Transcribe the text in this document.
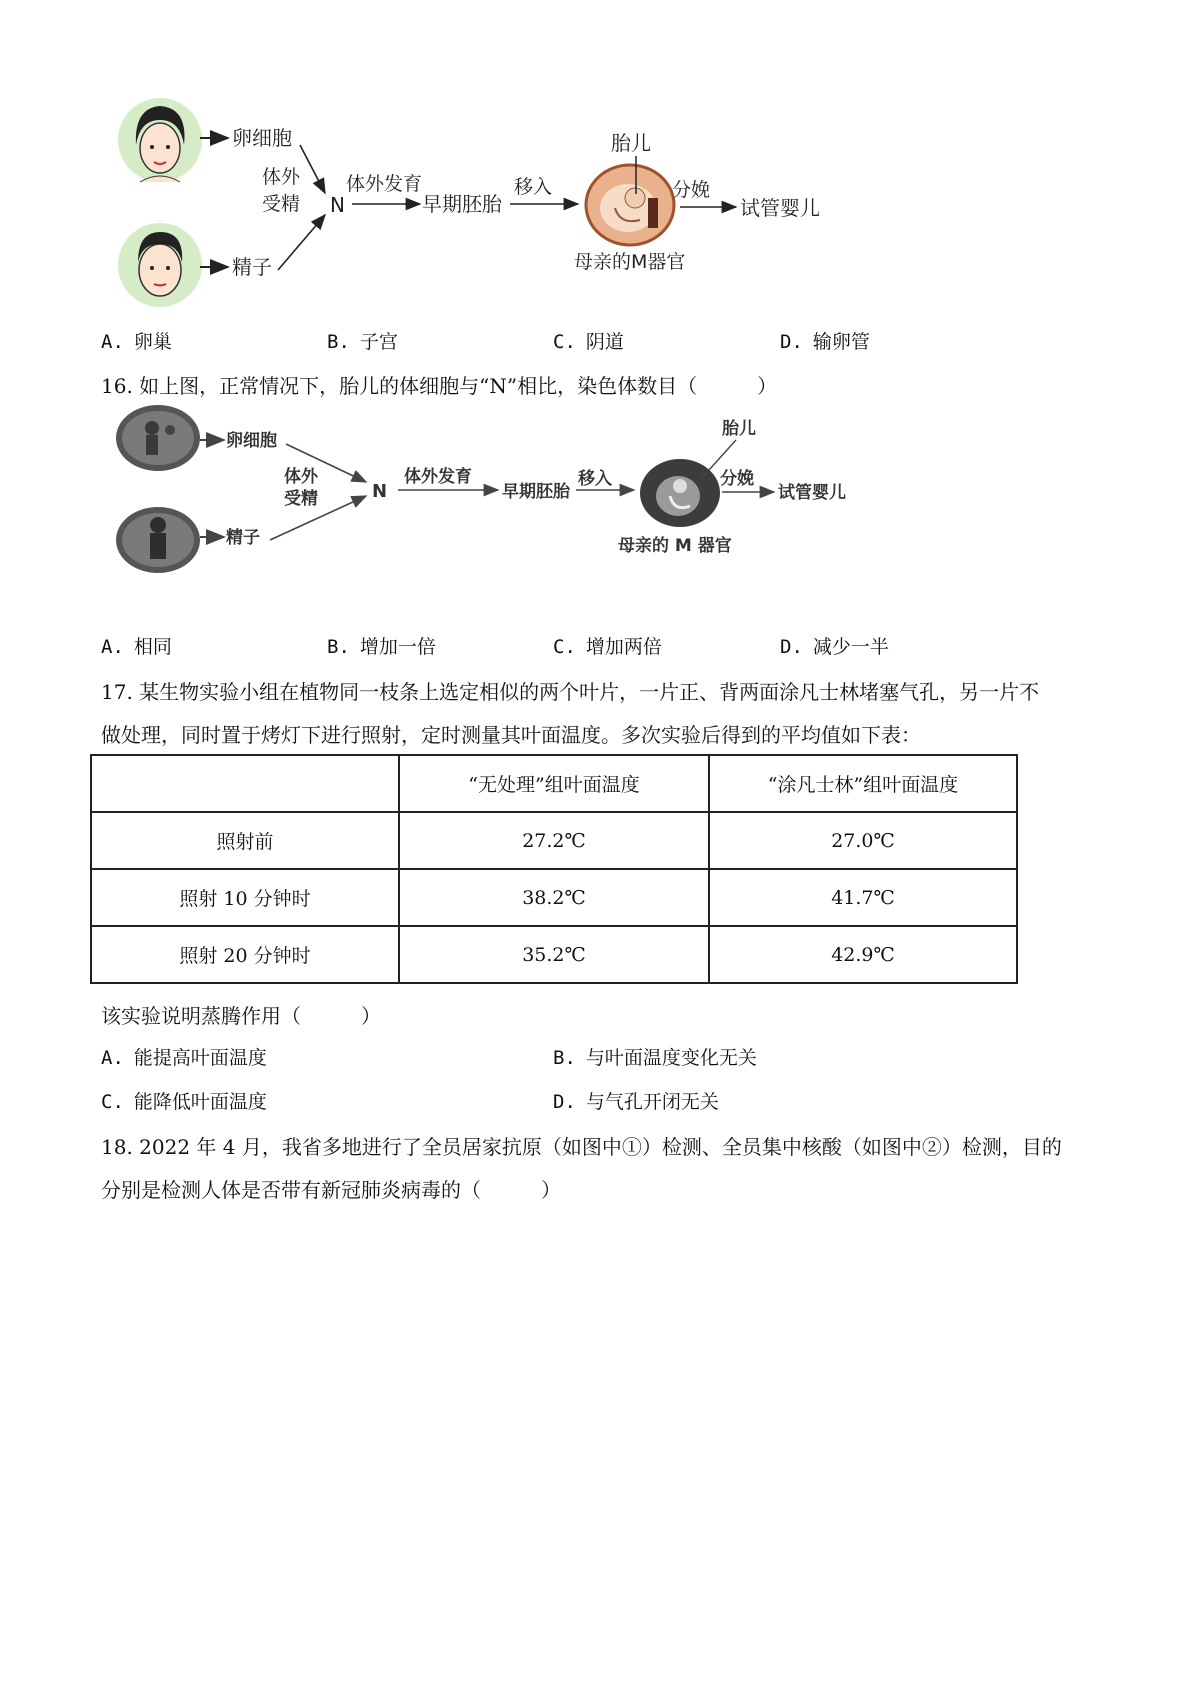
卵细胞
精子
体外
受精 N
体外发育
早期胚胎
移入
胎儿
母亲的M器官
分娩
试管婴儿
A. 卵巢	B. 子宫	C. 阴道	D. 输卵管
16. 如上图，正常情况下，胎儿的体细胞与“N”相比，染色体数目（　　　）
卵细胞
精子
体外
受精	N
体外发育
早期胚胎
移入
胎儿
母亲的 M 器官
分娩
试管婴儿
A. 相同	B. 增加一倍	C. 增加两倍	D. 减少一半
17. 某生物实验小组在植物同一枝条上选定相似的两个叶片，一片正、背两面涂凡士林堵塞气孔，另一片不
做处理，同时置于烤灯下进行照射，定时测量其叶面温度。多次实验后得到的平均值如下表：
	“无处理”组叶面温度	“涂凡士林”组叶面温度
照射前	27.2℃	27.0℃
照射 10 分钟时	38.2℃	41.7℃
照射 20 分钟时	35.2℃	42.9℃
该实验说明蒸腾作用（　　　）
A. 能提高叶面温度	B. 与叶面温度变化无关
C. 能降低叶面温度	D. 与气孔开闭无关
18. 2022 年 4 月，我省多地进行了全员居家抗原（如图中①）检测、全员集中核酸（如图中②）检测，目的
分别是检测人体是否带有新冠肺炎病毒的（　　　）
